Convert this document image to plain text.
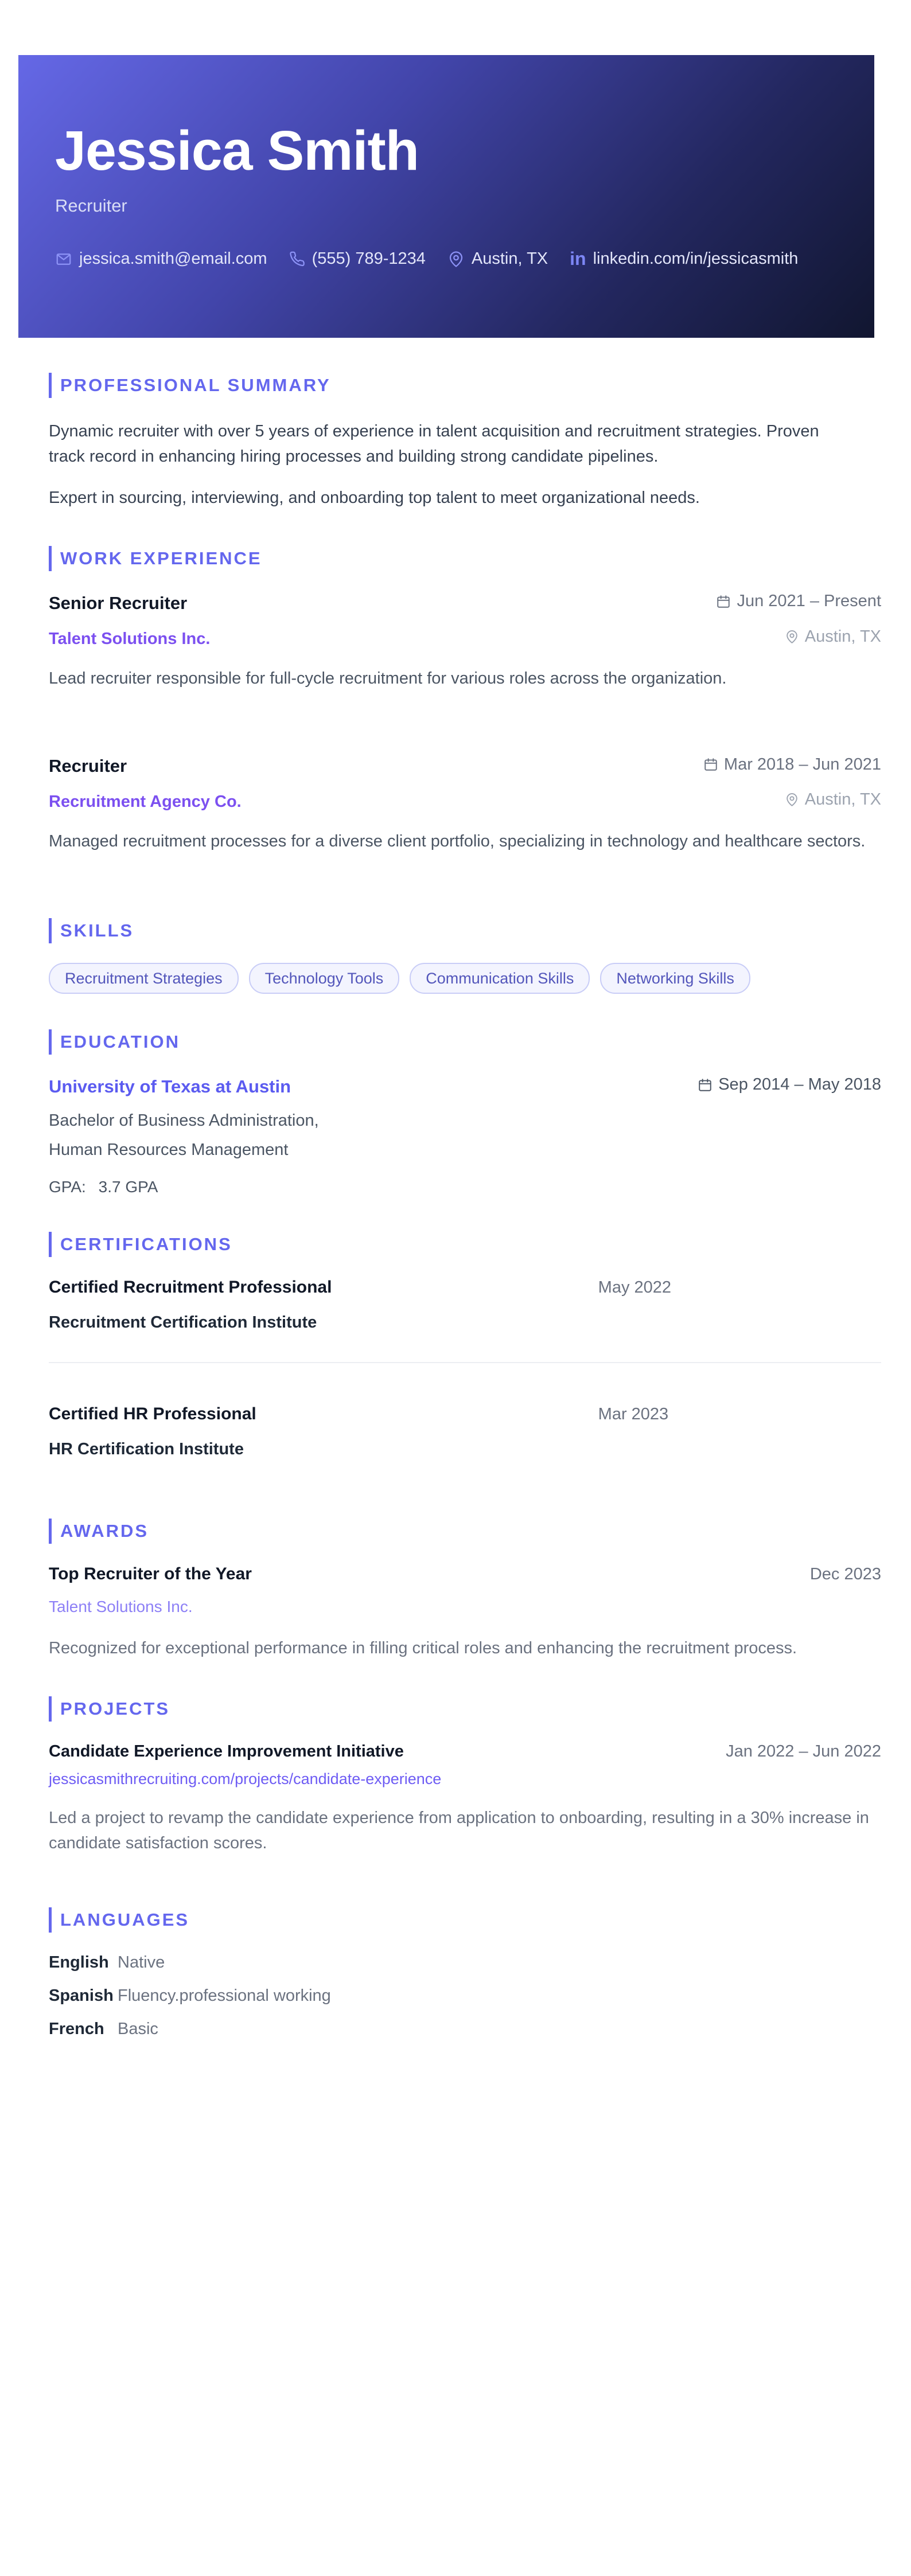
Jessica Smith
Recruiter
jessica.smith@email.com	(555) 789-1234	Austin, TX in linkedin.com/in/jessicasmith
PROFESSIONAL SUMMARY

Dynamic recruiter with over 5 years of experience in talent acquisition and recruitment strategies. Proven track record in enhancing hiring processes and building strong candidate pipelines.

Expert in sourcing, interviewing, and onboarding top talent to meet organizational needs.

WORK EXPERIENCE
Senior Recruiter	Jun 2021 – Present
Talent Solutions Inc.	Austin, TX
Lead recruiter responsible for full-cycle recruitment for various roles across the organization.
Recruiter	Mar 2018 – Jun 2021
Recruitment Agency Co.	Austin, TX
Managed recruitment processes for a diverse client portfolio, specializing in technology and healthcare sectors.
SKILLS
Recruitment Strategies	Technology Tools	Communication Skills	Networking Skills
EDUCATION
University of Texas at Austin	Sep 2014 – May 2018
Bachelor of Business Administration,
Human Resources Management
GPA: 3.7 GPA
CERTIFICATIONS
Certified Recruitment Professional	May 2022
Recruitment Certification Institute
Certified HR Professional	Mar 2023
HR Certification Institute
AWARDS
Top Recruiter of the Year	Dec 2023
Talent Solutions Inc.
Recognized for exceptional performance in filling critical roles and enhancing the recruitment process.
PROJECTS
Candidate Experience Improvement Initiative	Jan 2022 – Jun 2022
jessicasmithrecruiting.com/projects/candidate-experience
Led a project to revamp the candidate experience from application to onboarding, resulting in a 30% increase in candidate satisfaction scores.
LANGUAGES
English Native
Spanish Fluency.professional working
French Basic
